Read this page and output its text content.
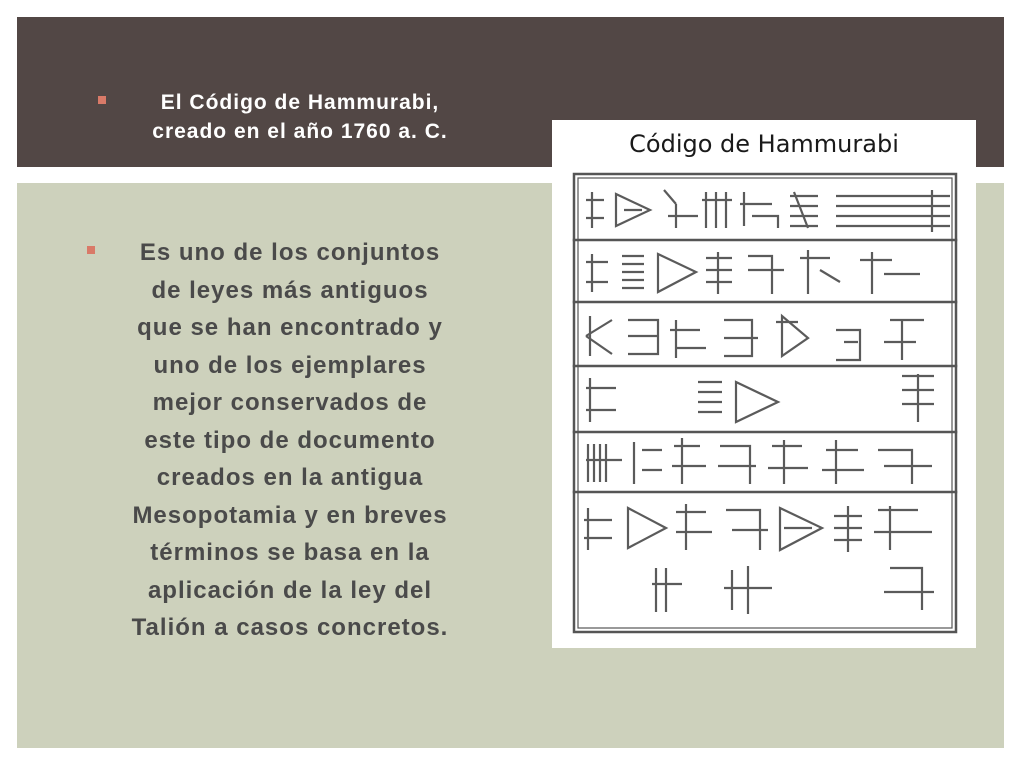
El Código de Hammurabi,
creado en el año 1760 a. C.
Es uno de los conjuntos
de leyes más antiguos
que se han encontrado y
uno de los ejemplares
mejor conservados de
este tipo de documento
creados en la antigua
Mesopotamia y en breves
términos se basa en la
aplicación de la ley del
Talión a casos concretos.
Código de Hammurabi
